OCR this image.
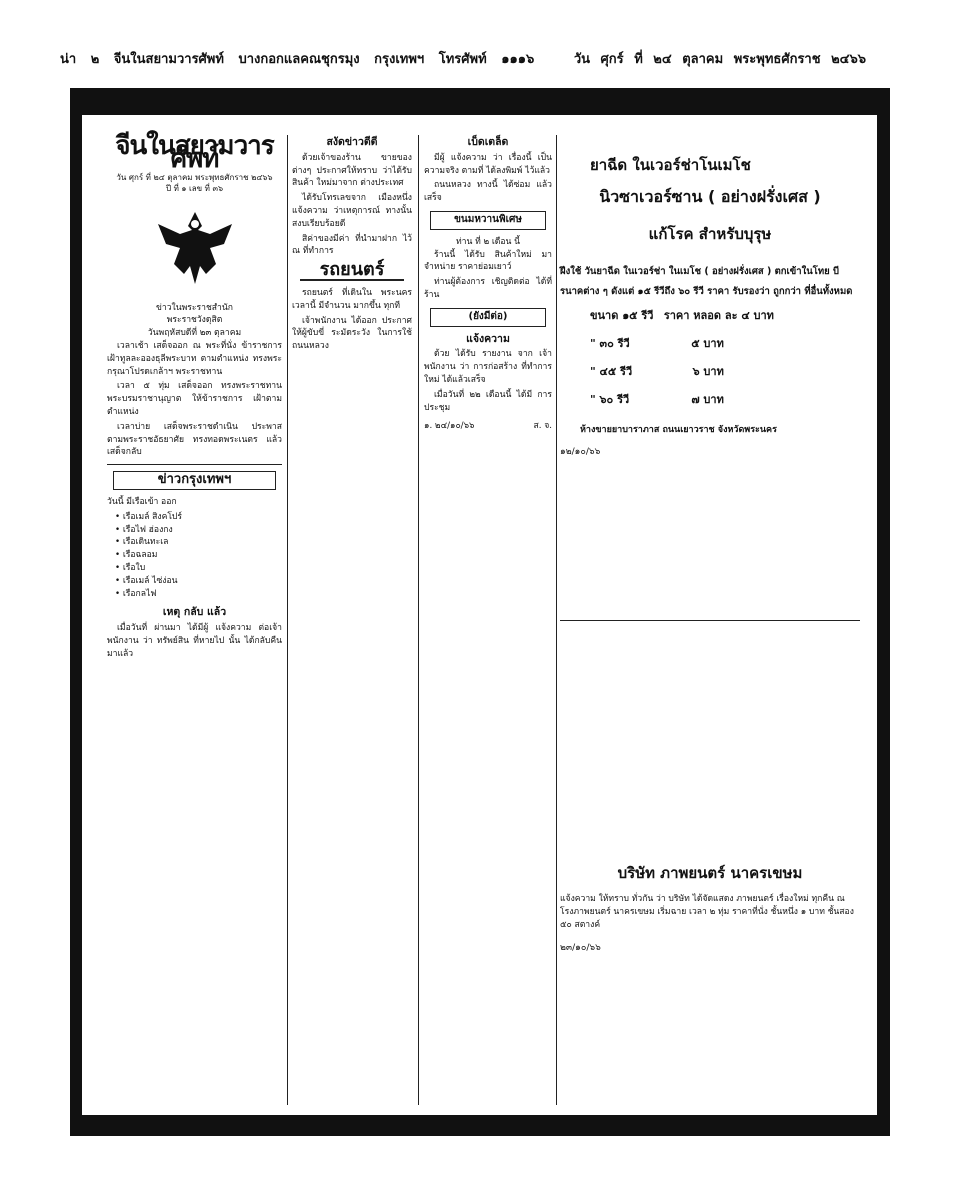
น่า ๒ จีนในสยามวารศัพท์ บางกอกแลคณชุกรมุง กรุงเทพฯ โทรศัพท์ ๑๑๑๖	วัน ศุกร์ ที่ ๒๔ ตุลาคม พระพุทธศักราช ๒๔๖๖
จีนในสยามวารศัพท์
วัน ศุกร์ ที่ ๒๔ ตุลาคม พระพุทธศักราช ๒๔๖๖
ปี ที่ ๑ เลข ที่ ๓๖
ข่าวในพระราชสำนัก
พระราชวังดุสิต
วันพฤหัสบดีที่ ๒๓ ตุลาคม
เวลาเช้า เสด็จออก ณ พระที่นั่ง ข้าราชการเฝ้าทูลละอองธุลีพระบาท ตามตำแหน่ง ทรงพระกรุณาโปรดเกล้าฯ พระราชทาน
เวลา ๕ ทุ่ม เสด็จออก ทรงพระราชทานพระบรมราชานุญาต ให้ข้าราชการ เฝ้าตามตำแหน่ง
เวลาบ่าย เสด็จพระราชดำเนิน ประพาส ตามพระราชอัธยาศัย ทรงทอดพระเนตร แล้วเสด็จกลับ
ข่าวกรุงเทพฯ
วันนี้ มีเรือเข้า ออก
• เรือเมล์ สิงคโปร์
• เรือไฟ ฮ่องกง
• เรือเดินทะเล
• เรือฉลอม
• เรือใบ
• เรือเมล์ ไซ่ง่อน
• เรือกลไฟ
เหตุ กลับ แล้ว
เมื่อวันที่ ผ่านมา ได้มีผู้ แจ้งความ ต่อเจ้าพนักงาน ว่า ทรัพย์สิน ที่หายไป นั้น ได้กลับคืนมาแล้ว
สงัดข่าวตีตี
ด้วยเจ้าของร้าน ขายของต่างๆ ประกาศให้ทราบ ว่าได้รับสินค้า ใหม่มาจาก ต่างประเทศ
ได้รับโทรเลขจาก เมืองหนึ่ง แจ้งความ ว่าเหตุการณ์ ทางนั้น สงบเรียบร้อยดี
สิค่าของมีค่า ที่นำมาฝาก ไว้ ณ ที่ทำการ
รถยนตร์
รถยนตร์ ที่เดินใน พระนคร เวลานี้ มีจำนวน มากขึ้น ทุกที
เจ้าพนักงาน ได้ออก ประกาศ ให้ผู้ขับขี่ ระมัดระวัง ในการใช้ ถนนหลวง
เบ็ดเตล็ด
มีผู้ แจ้งความ ว่า เรื่องนี้ เป็นความจริง ตามที่ ได้ลงพิมพ์ ไว้แล้ว
ถนนหลวง ทางนี้ ได้ซ่อม แล้วเสร็จ
ขนมหวานพิเศษ
ท่าน ที่ ๒ เดือน นี้
ร้านนี้ ได้รับ สินค้าใหม่ มาจำหน่าย ราคาย่อมเยาว์
ท่านผู้ต้องการ เชิญติดต่อ ได้ที่ ร้าน
(ยังมีต่อ)
แจ้งความ
ด้วย ได้รับ รายงาน จาก เจ้าพนักงาน ว่า การก่อสร้าง ที่ทำการ ใหม่ ได้แล้วเสร็จ
เมื่อวันที่ ๒๒ เดือนนี้ ได้มี การประชุม
๑. ๒๔/๑๐/๖๖	ส. จ.
ยาฉีด ในเวอร์ช่าโนเมโช
นิวซาเวอร์ซาน ( อย่างฝรั่งเศส )
แก้โรค สำหรับบุรุษ
ฝึงใช้ วันยาฉีด ในเวอร์ช่า ในเมโช ( อย่างฝรั่งเศส ) ตกเข้าในโทย บีรนาคต่าง ๆ ดังแต่ ๑๕ รีวีถึง ๖๐ รีวี ราคา รับรองว่า ถูกกว่า ที่อื่นทั้งหมด
ขนาด ๑๕ รีวี ราคา หลอด ละ ๔ บาท
" ๓๐ รีวี	๕ บาท
" ๔๕ รีวี	๖ บาท
" ๖๐ รีวี	๗ บาท
ห้างขายยาบาราภาส ถนนเยาวราช จังหวัดพระนคร
๑๒/๑๐/๖๖
บริษัท ภาพยนตร์ นาครเขษม
แจ้งความ ให้ทราบ ทั่วกัน ว่า บริษัท ได้จัดแสดง ภาพยนตร์ เรื่องใหม่ ทุกคืน ณ โรงภาพยนตร์ นาครเขษม เริ่มฉาย เวลา ๒ ทุ่ม ราคาที่นั่ง ชั้นหนึ่ง ๑ บาท ชั้นสอง ๕๐ สตางค์
๒๓/๑๐/๖๖
